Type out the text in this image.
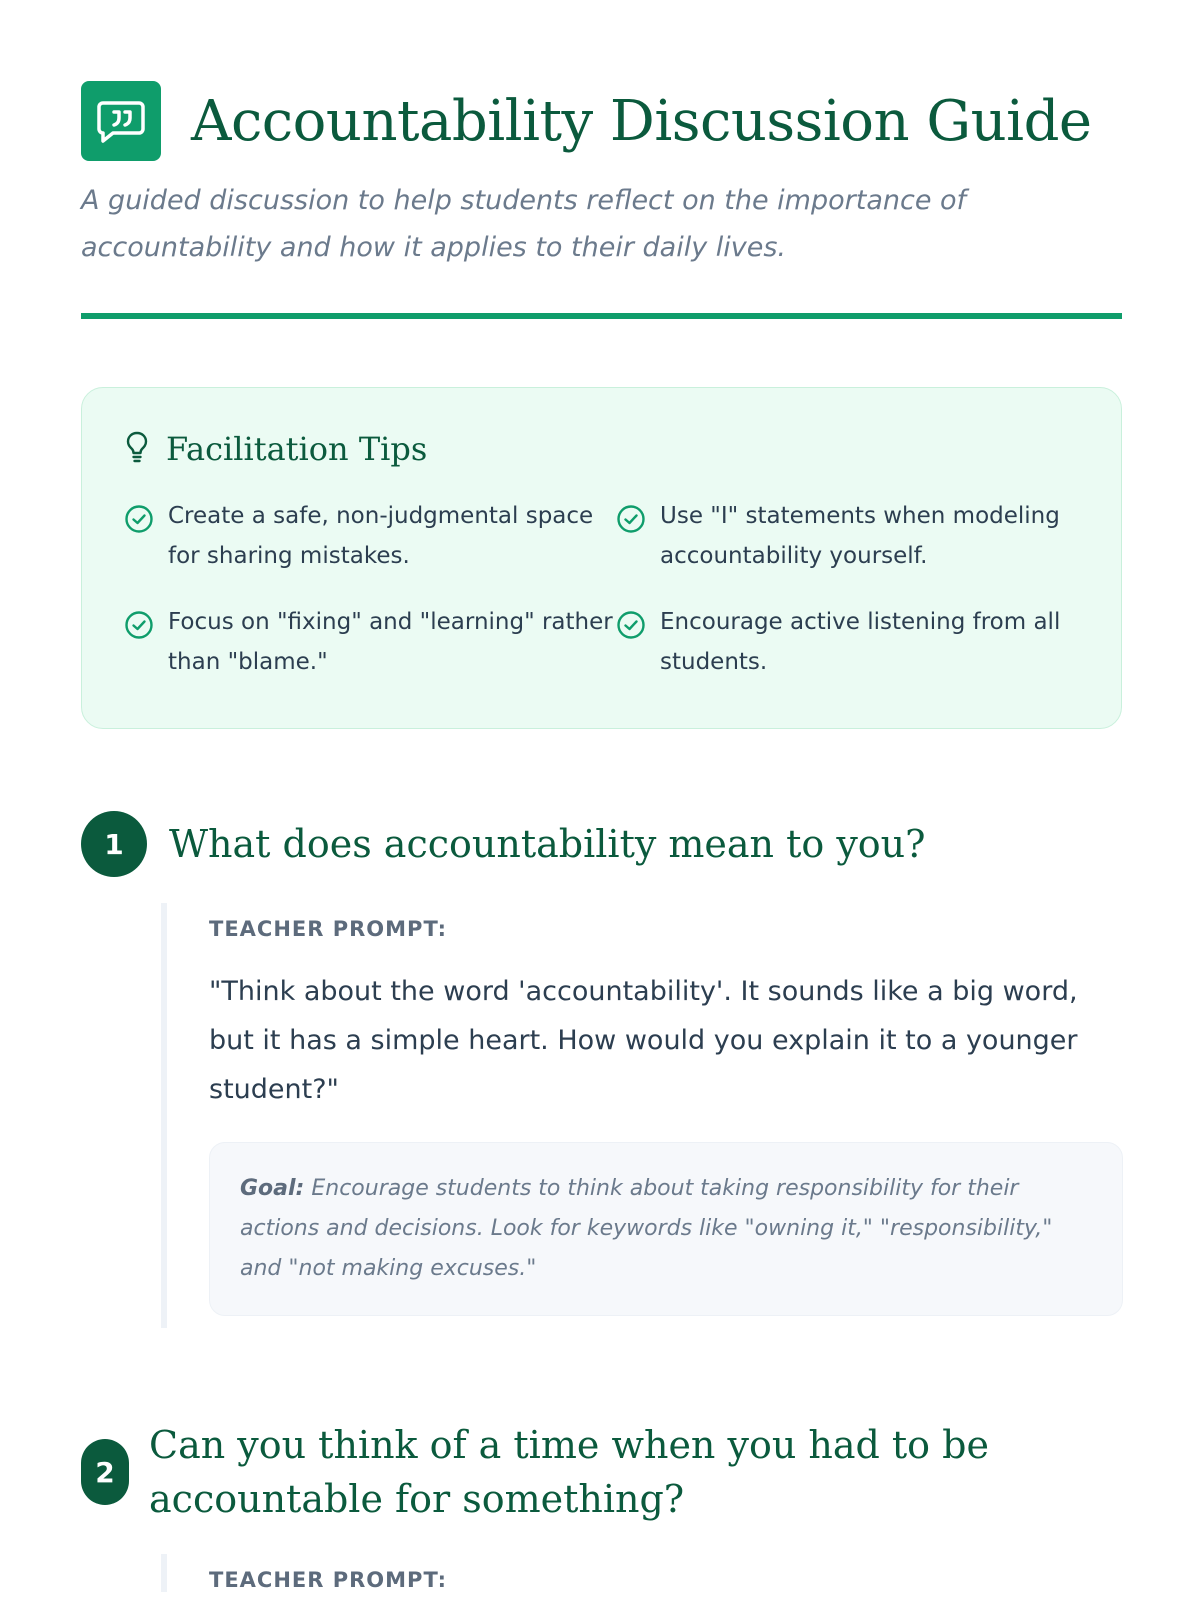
Accountability Discussion Guide

A guided discussion to help students reflect on the importance of accountability and how it applies to their daily lives.

Facilitation Tips
Create a safe, non-judgmental space for sharing mistakes.
Use "I" statements when modeling accountability yourself.
Focus on "fixing" and "learning" rather than "blame."
Encourage active listening from all students.
1	What does accountability mean to you?
TEACHER PROMPT:
"Think about the word 'accountability'. It sounds like a big word, but it has a simple heart. How would you explain it to a younger student?"
Goal: Encourage students to think about taking responsibility for their actions and decisions. Look for keywords like "owning it," "responsibility," and "not making excuses."
2
Can you think of a time when you had to be accountable for something?
TEACHER PROMPT:
